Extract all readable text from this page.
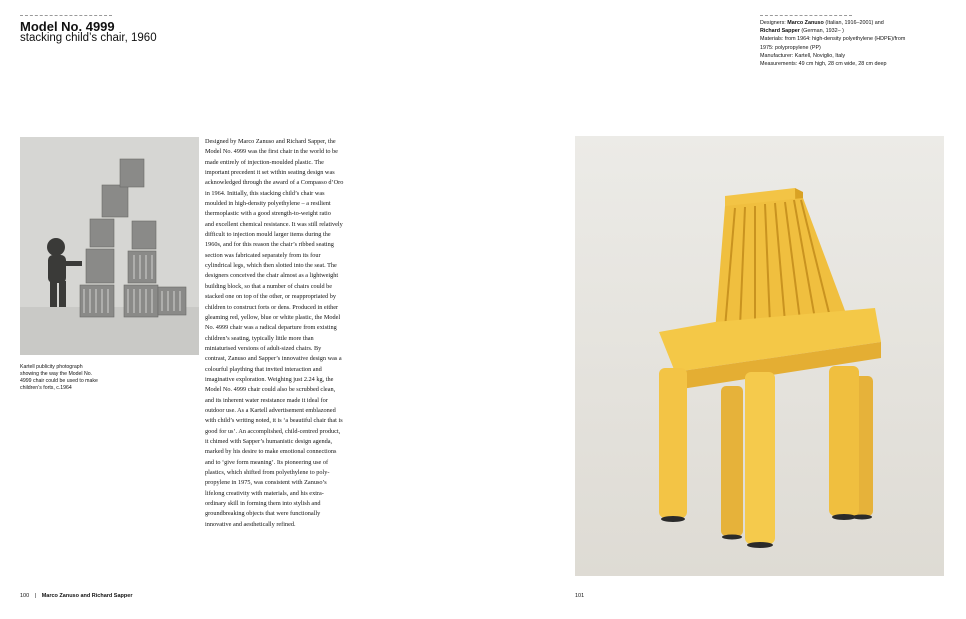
Model No. 4999
stacking child’s chair, 1960
Kartell publicity photograph
showing the way the Model No.
4999 chair could be used to make
children’s forts, c.1964
Designed by Marco Zanuso and Richard Sapper, the
Model No. 4999 was the first chair in the world to be
made entirely of injection-moulded plastic. The
important precedent it set within seating design was
acknowledged through the award of a Compasso d’Oro
in 1964. Initially, this stacking child’s chair was
moulded in high-density polyethylene – a resilient
thermoplastic with a good strength-to-weight ratio
and excellent chemical resistance. It was still relatively
difficult to injection mould larger items during the
1960s, and for this reason the chair’s ribbed seating
section was fabricated separately from its four
cylindrical legs, which then slotted into the seat. The
designers conceived the chair almost as a lightweight
building block, so that a number of chairs could be
stacked one on top of the other, or reappropriated by
children to construct forts or dens. Produced in either
gleaming red, yellow, blue or white plastic, the Model
No. 4999 chair was a radical departure from existing
children’s seating, typically little more than
miniaturised versions of adult-sized chairs. By
contrast, Zanuso and Sapper’s innovative design was a
colourful plaything that invited interaction and
imaginative exploration. Weighing just 2.24 kg, the
Model No. 4999 chair could also be scrubbed clean,
and its inherent water resistance made it ideal for
outdoor use. As a Kartell advertisement emblazoned
with child’s writing noted, it is ‘a beautiful chair that is
good for us’. An accomplished, child-centred product,
it chimed with Sapper’s humanistic design agenda,
marked by his desire to make emotional connections
and to ‘give form meaning’. Its pioneering use of
plastics, which shifted from polyethylene to poly-
propylene in 1975, was consistent with Zanuso’s
lifelong creativity with materials, and his extra-
ordinary skill in forming them into stylish and
groundbreaking objects that were functionally
innovative and aesthetically refined.
100 | Marco Zanuso and Richard Sapper
Designers: Marco Zanuso (Italian, 1916–2001) and
Richard Sapper (German, 1932– )
Materials: from 1964: high-density polyethylene (HDPE)/from
1975: polypropylene (PP)
Manufacturer: Kartell, Noviglio, Italy
Measurements: 49 cm high, 28 cm wide, 28 cm deep
101
